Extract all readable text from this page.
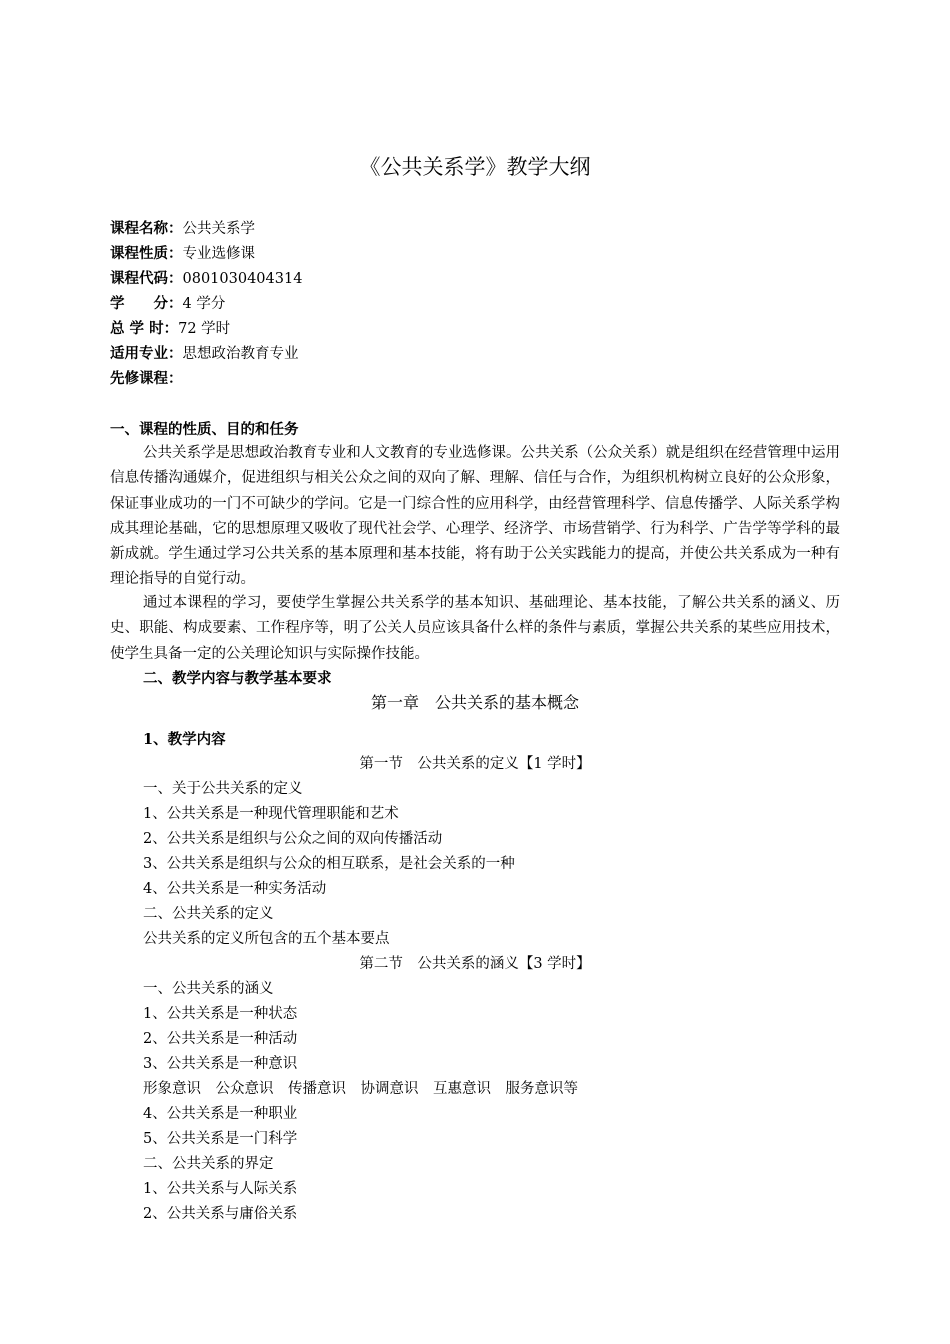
《公共关系学》教学大纲
课程名称：公共关系学
课程性质：专业选修课
课程代码：0801030404314
学　　分：4 学分
总 学 时：72 学时
适用专业：思想政治教育专业
先修课程：
一、课程的性质、目的和任务
公共关系学是思想政治教育专业和人文教育的专业选修课。公共关系（公众关系）就是组织在经营管理中运用信息传播沟通媒介，促进组织与相关公众之间的双向了解、理解、信任与合作，为组织机构树立良好的公众形象，保证事业成功的一门不可缺少的学问。它是一门综合性的应用科学，由经营管理科学、信息传播学、人际关系学构成其理论基础，它的思想原理又吸收了现代社会学、心理学、经济学、市场营销学、行为科学、广告学等学科的最新成就。学生通过学习公共关系的基本原理和基本技能，将有助于公关实践能力的提高，并使公共关系成为一种有理论指导的自觉行动。
通过本课程的学习，要使学生掌握公共关系学的基本知识、基础理论、基本技能，了解公共关系的涵义、历史、职能、构成要素、工作程序等，明了公关人员应该具备什么样的条件与素质，掌握公共关系的某些应用技术，使学生具备一定的公关理论知识与实际操作技能。
二、教学内容与教学基本要求
第一章　公共关系的基本概念
1、教学内容
第一节　公共关系的定义【1 学时】
一、关于公共关系的定义
1、公共关系是一种现代管理职能和艺术
2、公共关系是组织与公众之间的双向传播活动
3、公共关系是组织与公众的相互联系，是社会关系的一种
4、公共关系是一种实务活动
二、公共关系的定义
公共关系的定义所包含的五个基本要点
第二节　公共关系的涵义【3 学时】
一、公共关系的涵义
1、公共关系是一种状态
2、公共关系是一种活动
3、公共关系是一种意识
形象意识　公众意识　传播意识　协调意识　互惠意识　服务意识等
4、公共关系是一种职业
5、公共关系是一门科学
二、公共关系的界定
1、公共关系与人际关系
2、公共关系与庸俗关系
